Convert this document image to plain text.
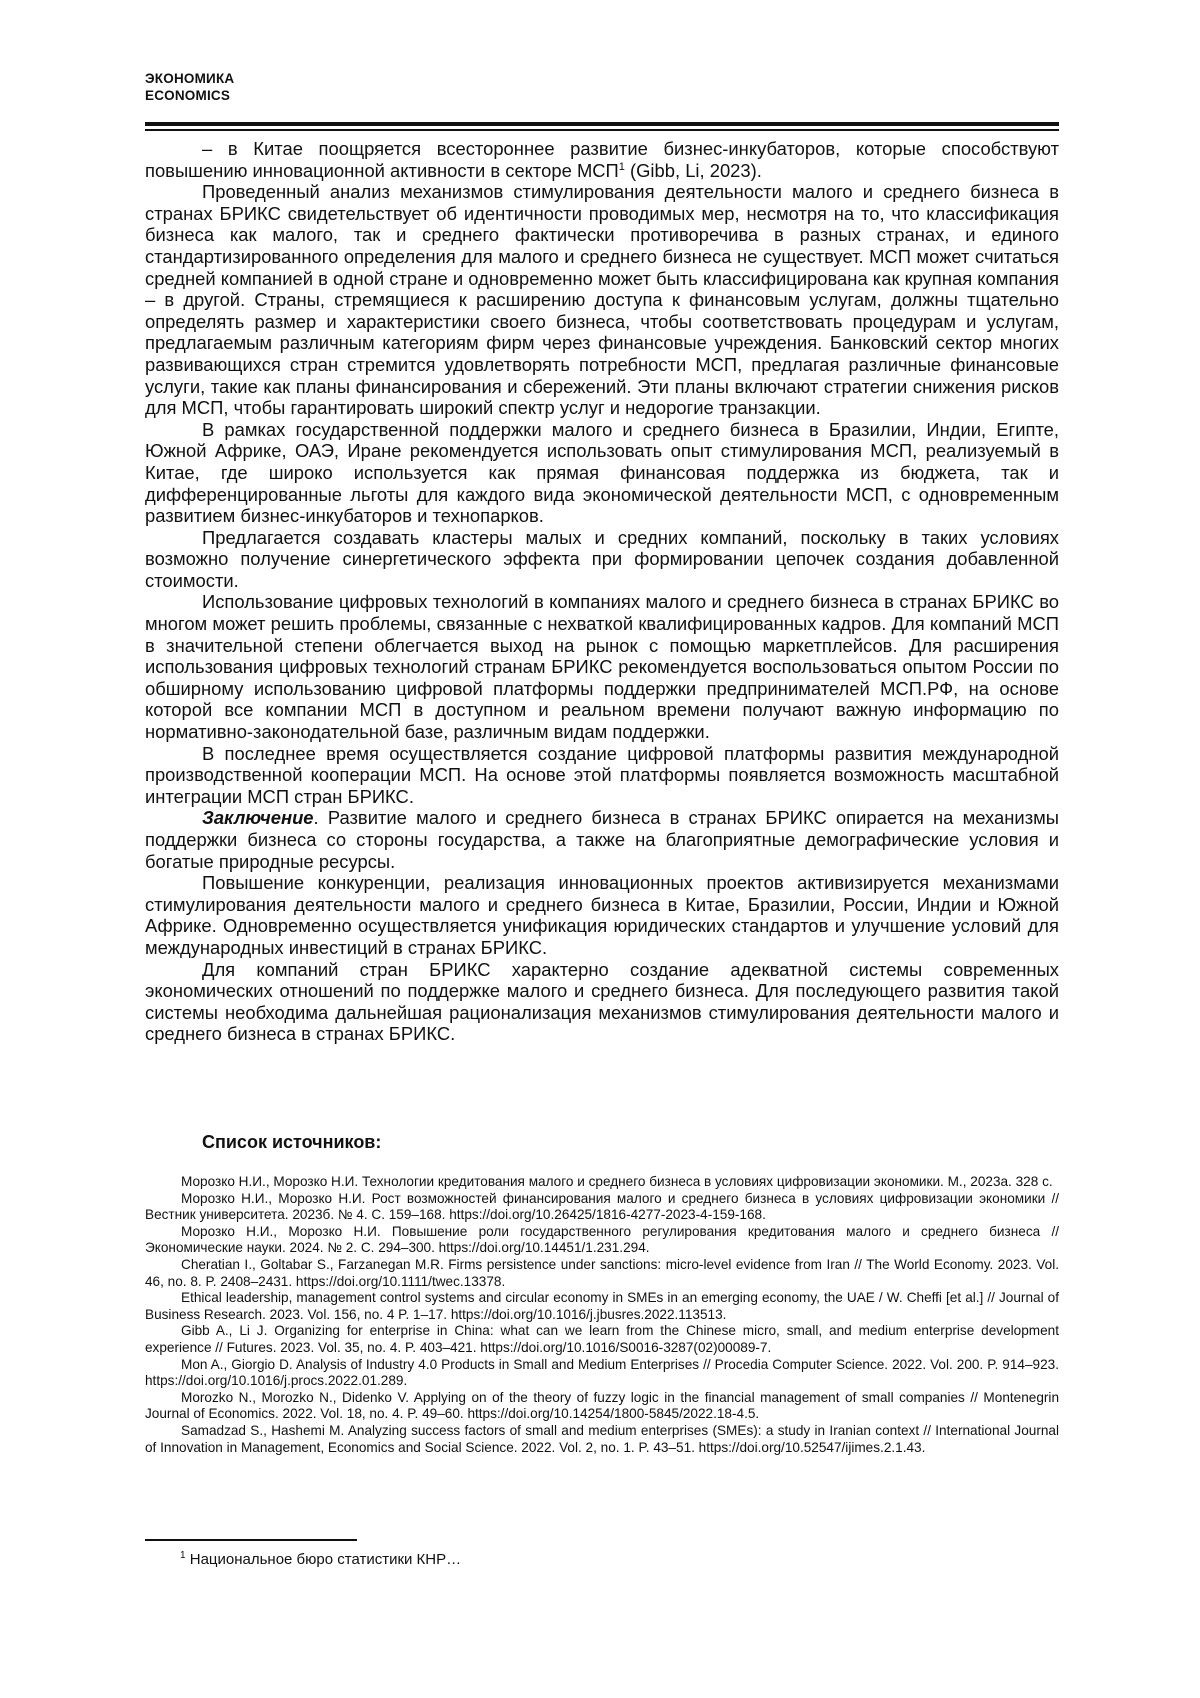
ЭКОНОМИКА
ECONOMICS

– в Китае поощряется всестороннее развитие бизнес-инкубаторов, которые способствуют повышению инновационной активности в секторе МСП$^1$ (Gibb, Li, 2023).

Проведенный анализ механизмов стимулирования деятельности малого и среднего бизнеса в странах БРИКС свидетельствует об идентичности проводимых мер, несмотря на то, что классификация бизнеса как малого, так и среднего фактически противоречива в разных странах, и единого стандартизированного определения для малого и среднего бизнеса не существует. МСП может считаться средней компанией в одной стране и одновременно может быть классифицирована как крупная компания – в другой. Страны, стремящиеся к расширению доступа к финансовым услугам, должны тщательно определять размер и характеристики своего бизнеса, чтобы соответствовать процедурам и услугам, предлагаемым различным категориям фирм через финансовые учреждения. Банковский сектор многих развивающихся стран стремится удовлетворять потребности МСП, предлагая различные финансовые услуги, такие как планы финансирования и сбережений. Эти планы включают стратегии снижения рисков для МСП, чтобы гарантировать широкий спектр услуг и недорогие транзакции.

В рамках государственной поддержки малого и среднего бизнеса в Бразилии, Индии, Египте, Южной Африке, ОАЭ, Иране рекомендуется использовать опыт стимулирования МСП, реализуемый в Китае, где широко используется как прямая финансовая поддержка из бюджета, так и дифференцированные льготы для каждого вида экономической деятельности МСП, с одновременным развитием бизнес-инкубаторов и технопарков.

Предлагается создавать кластеры малых и средних компаний, поскольку в таких условиях возможно получение синергетического эффекта при формировании цепочек создания добавленной стоимости.

Использование цифровых технологий в компаниях малого и среднего бизнеса в странах БРИКС во многом может решить проблемы, связанные с нехваткой квалифицированных кадров. Для компаний МСП в значительной степени облегчается выход на рынок с помощью маркетплейсов. Для расширения использования цифровых технологий странам БРИКС рекомендуется воспользоваться опытом России по обширному использованию цифровой платформы поддержки предпринимателей МСП.РФ, на основе которой все компании МСП в доступном и реальном времени получают важную информацию по нормативно-законодательной базе, различным видам поддержки.

В последнее время осуществляется создание цифровой платформы развития международной производственной кооперации МСП. На основе этой платформы появляется возможность масштабной интеграции МСП стран БРИКС.

Заключение. Развитие малого и среднего бизнеса в странах БРИКС опирается на механизмы поддержки бизнеса со стороны государства, а также на благоприятные демографические условия и богатые природные ресурсы.

Повышение конкуренции, реализация инновационных проектов активизируется механизмами стимулирования деятельности малого и среднего бизнеса в Китае, Бразилии, России, Индии и Южной Африке. Одновременно осуществляется унификация юридических стандартов и улучшение условий для международных инвестиций в странах БРИКС.

Для компаний стран БРИКС характерно создание адекватной системы современных экономических отношений по поддержке малого и среднего бизнеса. Для последующего развития такой системы необходима дальнейшая рационализация механизмов стимулирования деятельности малого и среднего бизнеса в странах БРИКС.

Список источников:

Морозко Н.И., Морозко Н.И. Технологии кредитования малого и среднего бизнеса в условиях цифровизации экономики. М., 2023а. 328 с.

Морозко Н.И., Морозко Н.И. Рост возможностей финансирования малого и среднего бизнеса в условиях цифровизации экономики // Вестник университета. 2023б. № 4. С. 159–168. https://doi.org/10.26425/1816-4277-2023-4-159-168.

Морозко Н.И., Морозко Н.И. Повышение роли государственного регулирования кредитования малого и среднего бизнеса // Экономические науки. 2024. № 2. С. 294–300. https://doi.org/10.14451/1.231.294.

Cheratian I., Goltabar S., Farzanegan M.R. Firms persistence under sanctions: micro-level evidence from Iran // The World Economy. 2023. Vol. 46, no. 8. P. 2408–2431. https://doi.org/10.1111/twec.13378.

Ethical leadership, management control systems and circular economy in SMEs in an emerging economy, the UAE / W. Cheffi [et al.] // Journal of Business Research. 2023. Vol. 156, no. 4 P. 1–17. https://doi.org/10.1016/j.jbusres.2022.113513.

Gibb A., Li J. Organizing for enterprise in China: what can we learn from the Chinese micro, small, and medium enterprise development experience // Futures. 2023. Vol. 35, no. 4. P. 403–421. https://doi.org/10.1016/S0016-3287(02)00089-7.

Mon A., Giorgio D. Analysis of Industry 4.0 Products in Small and Medium Enterprises // Procedia Computer Science. 2022. Vol. 200. P. 914–923. https://doi.org/10.1016/j.procs.2022.01.289.

Morozko N., Morozko N., Didenko V. Applying on of the theory of fuzzy logic in the financial management of small companies // Montenegrin Journal of Economics. 2022. Vol. 18, no. 4. P. 49–60. https://doi.org/10.14254/1800-5845/2022.18-4.5.

Samadzad S., Hashemi M. Analyzing success factors of small and medium enterprises (SMEs): a study in Iranian context // International Journal of Innovation in Management, Economics and Social Science. 2022. Vol. 2, no. 1. P. 43–51. https://doi.org/10.52547/ijimes.2.1.43.

$^1$ Национальное бюро статистики КНР…
